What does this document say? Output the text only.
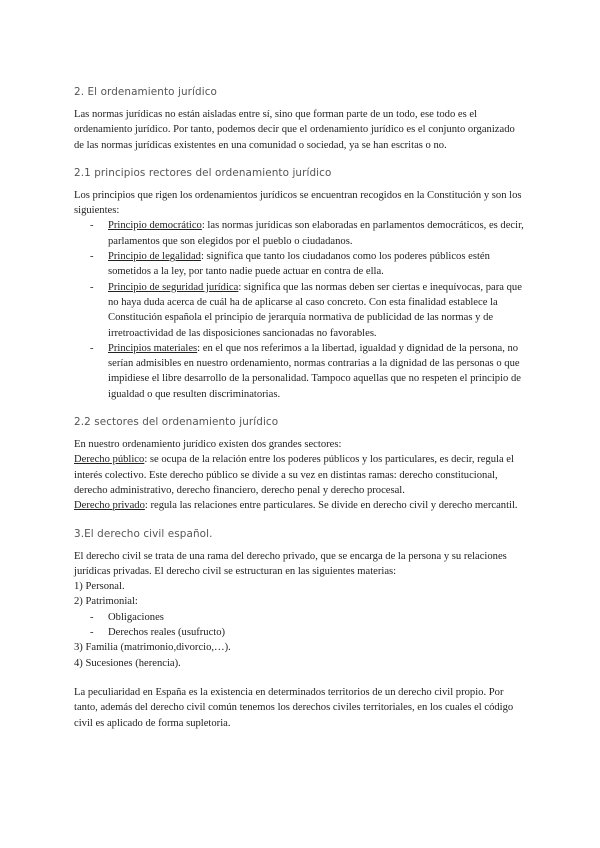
2. El ordenamiento jurídico

Las normas jurídicas no están aisladas entre sí, sino que forman parte de un todo, ese todo es el ordenamiento jurídico. Por tanto, podemos decir que el ordenamiento jurídico es el conjunto organizado de las normas jurídicas existentes en una comunidad o sociedad, ya se han escritas o no.

2.1 principios rectores del ordenamiento jurídico

Los principios que rigen los ordenamientos jurídicos se encuentran recogidos en la Constitución y son los siguientes:

- Principio democrático: las normas jurídicas son elaboradas en parlamentos democráticos, es decir, parlamentos que son elegidos por el pueblo o ciudadanos.
- Principio de legalidad: significa que tanto los ciudadanos como los poderes públicos estén sometidos a la ley, por tanto nadie puede actuar en contra de ella.
- Principio de seguridad jurídica: significa que las normas deben ser ciertas e inequívocas, para que no haya duda acerca de cuál ha de aplicarse al caso concreto. Con esta finalidad establece la Constitución española el principio de jerarquía normativa de publicidad de las normas y de irretroactividad de las disposiciones sancionadas no favorables.
- Principios materiales: en el que nos referimos a la libertad, igualdad y dignidad de la persona, no serían admisibles en nuestro ordenamiento, normas contrarias a la dignidad de las personas o que impidiese el libre desarrollo de la personalidad. Tampoco aquellas que no respeten el principio de igualdad o que resulten discriminatorias.
2.2 sectores del ordenamiento jurídico

En nuestro ordenamiento jurídico existen dos grandes sectores:

Derecho público: se ocupa de la relación entre los poderes públicos y los particulares, es decir, regula el interés colectivo. Este derecho público se divide a su vez en distintas ramas: derecho constitucional, derecho administrativo, derecho financiero, derecho penal y derecho procesal.

Derecho privado: regula las relaciones entre particulares. Se divide en derecho civil y derecho mercantil.

3.El derecho civil español.

El derecho civil se trata de una rama del derecho privado, que se encarga de la persona y su relaciones jurídicas privadas. El derecho civil se estructuran en las siguientes materias:

1) Personal.
2) Patrimonial:
- Obligaciones
- Derechos reales (usufructo)
3) Familia (matrimonio,divorcio,…).
4) Sucesiones (herencia).

La peculiaridad en España es la existencia en determinados territorios de un derecho civil propio. Por tanto, además del derecho civil común tenemos los derechos civiles territoriales, en los cuales el código civil es aplicado de forma supletoria.
